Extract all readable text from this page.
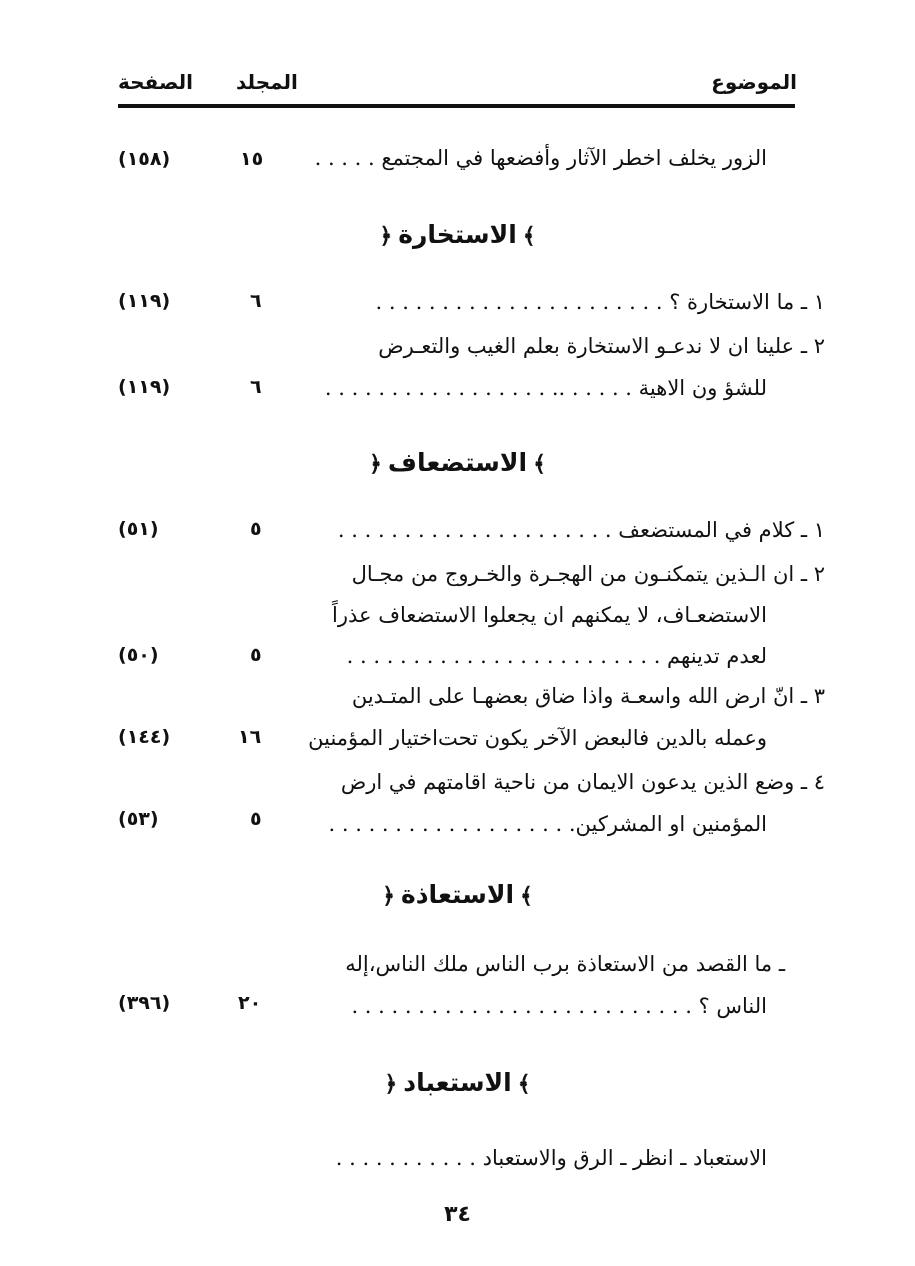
الموضوع
المجلد
الصفحة
الزور يخلف اخطر الآثار وأفضعها في المجتمع . . . . .
١٥
(١٥٨)
﴾الاستخارة﴿
١ ـ ما الاستخارة ؟ . . . . . . . . . . . . . . . . . . . . . .
٦
(١١٩)
٢ ـ علينا ان لا ندعـو الاستخارة بعلم الغيب والتعـرض
للشؤ ون الاهية . . . . . .. . . . . . . . . . . . . . . . . .
٦
(١١٩)
﴾الاستضعاف﴿
١ ـ كلام في المستضعف . . . . . . . . . . . . . . . . . . . . .
٥
(٥١)
٢ ـ ان الـذين يتمكنـون من الهجـرة والخـروج من مجـال
الاستضعـاف، لا يمكنهم ان يجعلوا الاستضعاف عذراً
لعدم تدينهم . . . . . . . . . . . . . . . . . . . . . . . .
٥
(٥٠)
٣ ـ انّ ارض الله واسعـة واذا ضاق بعضهـا على المتـدين
وعمله بالدين فالبعض الآخر يكون تحت‌اختيار المؤمنين
١٦
(١٤٤)
٤ ـ وضع الذين يدعون الايمان من ناحية اقامتهم في ارض
المؤمنين او المشركين. . . . . . . . . . . . . . . . . . .
٥
(٥٣)
﴾الاستعاذة﴿
ـ ما القصد من الاستعاذة برب الناس ملك الناس،إله
الناس ؟ . . . . . . . . . . . . . . . . . . . . . . . . . .
٢٠
(٣٩٦)
﴾الاستعباد﴿
الاستعباد ـ انظر ـ الرق والاستعباد . . . . . . . . . . .
٣٤
